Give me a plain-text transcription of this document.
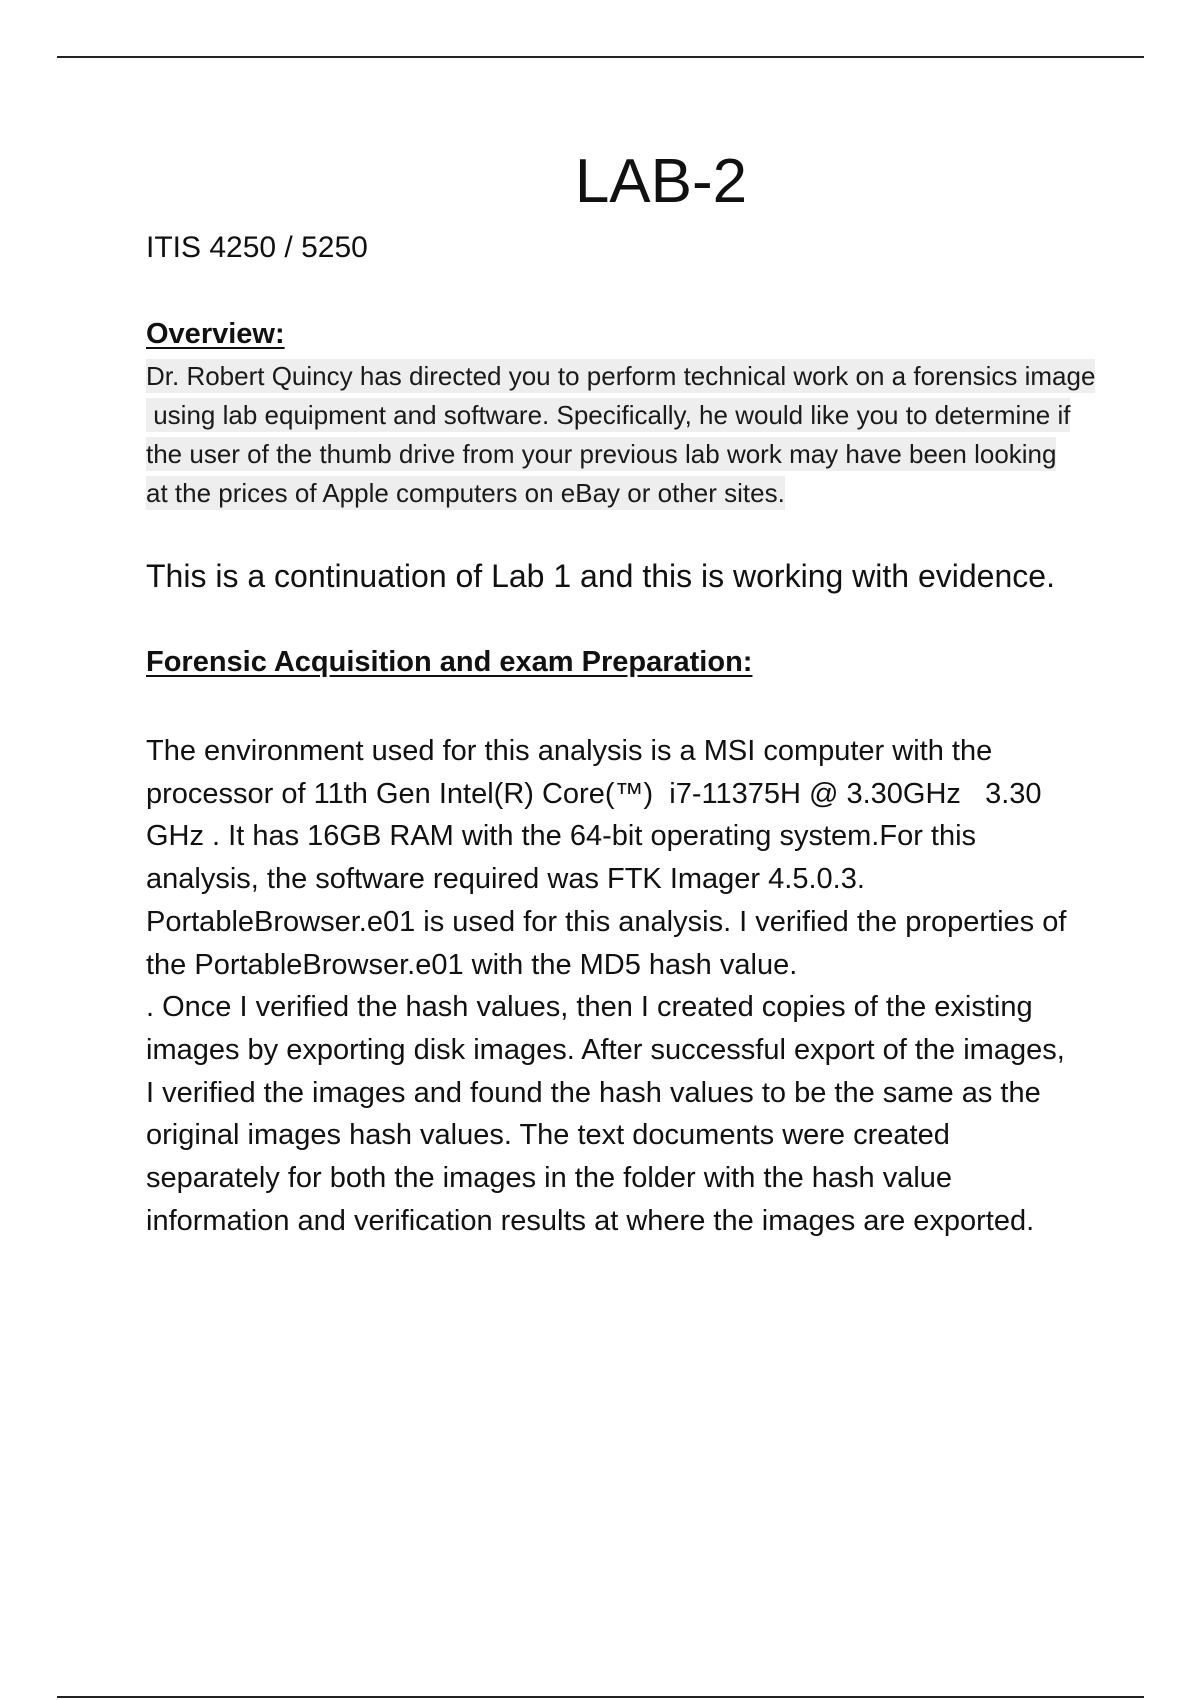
LAB-2
ITIS 4250 / 5250
Overview:
Dr. Robert Quincy has directed you to perform technical work on a forensics image
using lab equipment and software. Specifically, he would like you to determine if
the user of the thumb drive from your previous lab work may have been looking
at the prices of Apple computers on eBay or other sites.
This is a continuation of Lab 1 and this is working with evidence.
Forensic Acquisition and exam Preparation:
The environment used for this analysis is a MSI computer with the
processor of 11th Gen Intel(R) Core(™)  i7-11375H @ 3.30GHz   3.30
GHz . It has 16GB RAM with the 64-bit operating system.For this
analysis, the software required was FTK Imager 4.5.0.3.
PortableBrowser.e01 is used for this analysis. I verified the properties of
the PortableBrowser.e01 with the MD5 hash value.
. Once I verified the hash values, then I created copies of the existing
images by exporting disk images. After successful export of the images,
I verified the images and found the hash values to be the same as the
original images hash values. The text documents were created
separately for both the images in the folder with the hash value
information and verification results at where the images are exported.
